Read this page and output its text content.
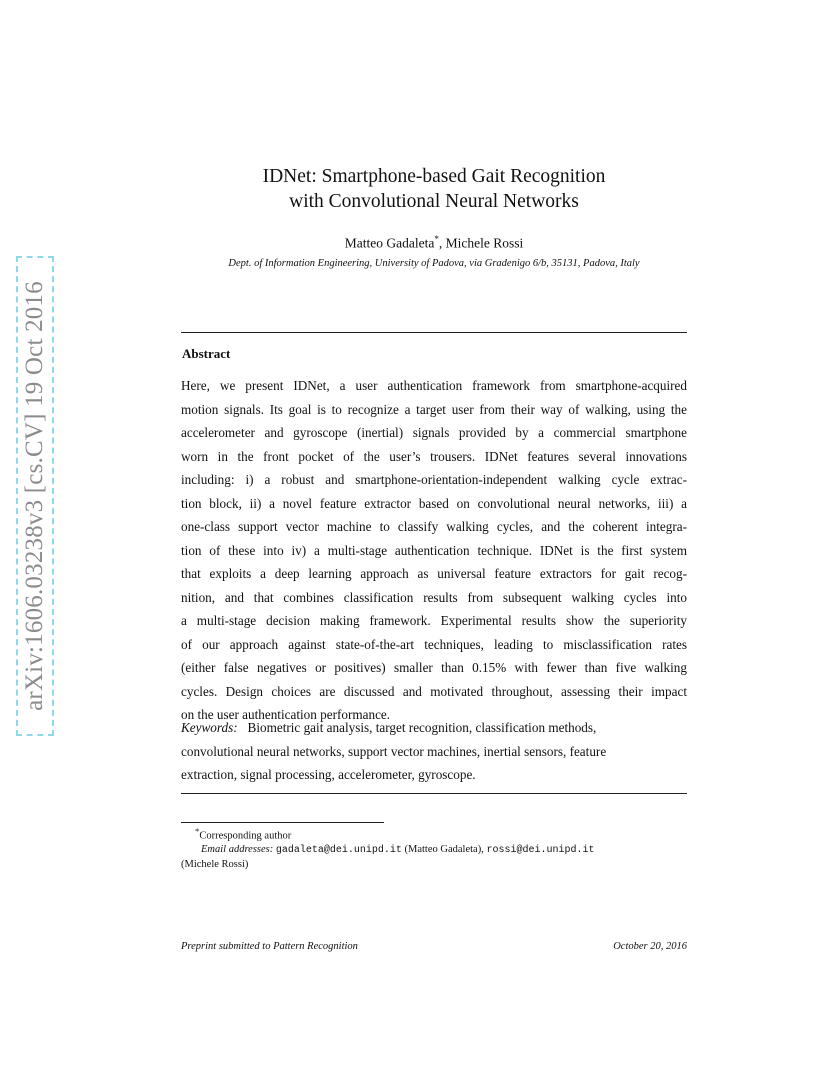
arXiv:1606.03238v3 [cs.CV] 19 Oct 2016
IDNet: Smartphone-based Gait Recognition
with Convolutional Neural Networks
Matteo Gadaleta*, Michele Rossi
Dept. of Information Engineering, University of Padova, via Gradenigo 6/b, 35131, Padova, Italy
Abstract
Here, we present IDNet, a user authentication framework from smartphone-acquired
motion signals. Its goal is to recognize a target user from their way of walking, using the
accelerometer and gyroscope (inertial) signals provided by a commercial smartphone
worn in the front pocket of the user’s trousers. IDNet features several innovations
including: i) a robust and smartphone-orientation-independent walking cycle extrac-
tion block, ii) a novel feature extractor based on convolutional neural networks, iii) a
one-class support vector machine to classify walking cycles, and the coherent integra-
tion of these into iv) a multi-stage authentication technique. IDNet is the first system
that exploits a deep learning approach as universal feature extractors for gait recog-
nition, and that combines classification results from subsequent walking cycles into
a multi-stage decision making framework. Experimental results show the superiority
of our approach against state-of-the-art techniques, leading to misclassification rates
(either false negatives or positives) smaller than 0.15% with fewer than five walking
cycles. Design choices are discussed and motivated throughout, assessing their impact
on the user authentication performance.
Keywords: Biometric gait analysis, target recognition, classification methods,
convolutional neural networks, support vector machines, inertial sensors, feature
extraction, signal processing, accelerometer, gyroscope.
*Corresponding author
Email addresses: gadaleta@dei.unipd.it (Matteo Gadaleta), rossi@dei.unipd.it
(Michele Rossi)
Preprint submitted to Pattern Recognition	October 20, 2016
